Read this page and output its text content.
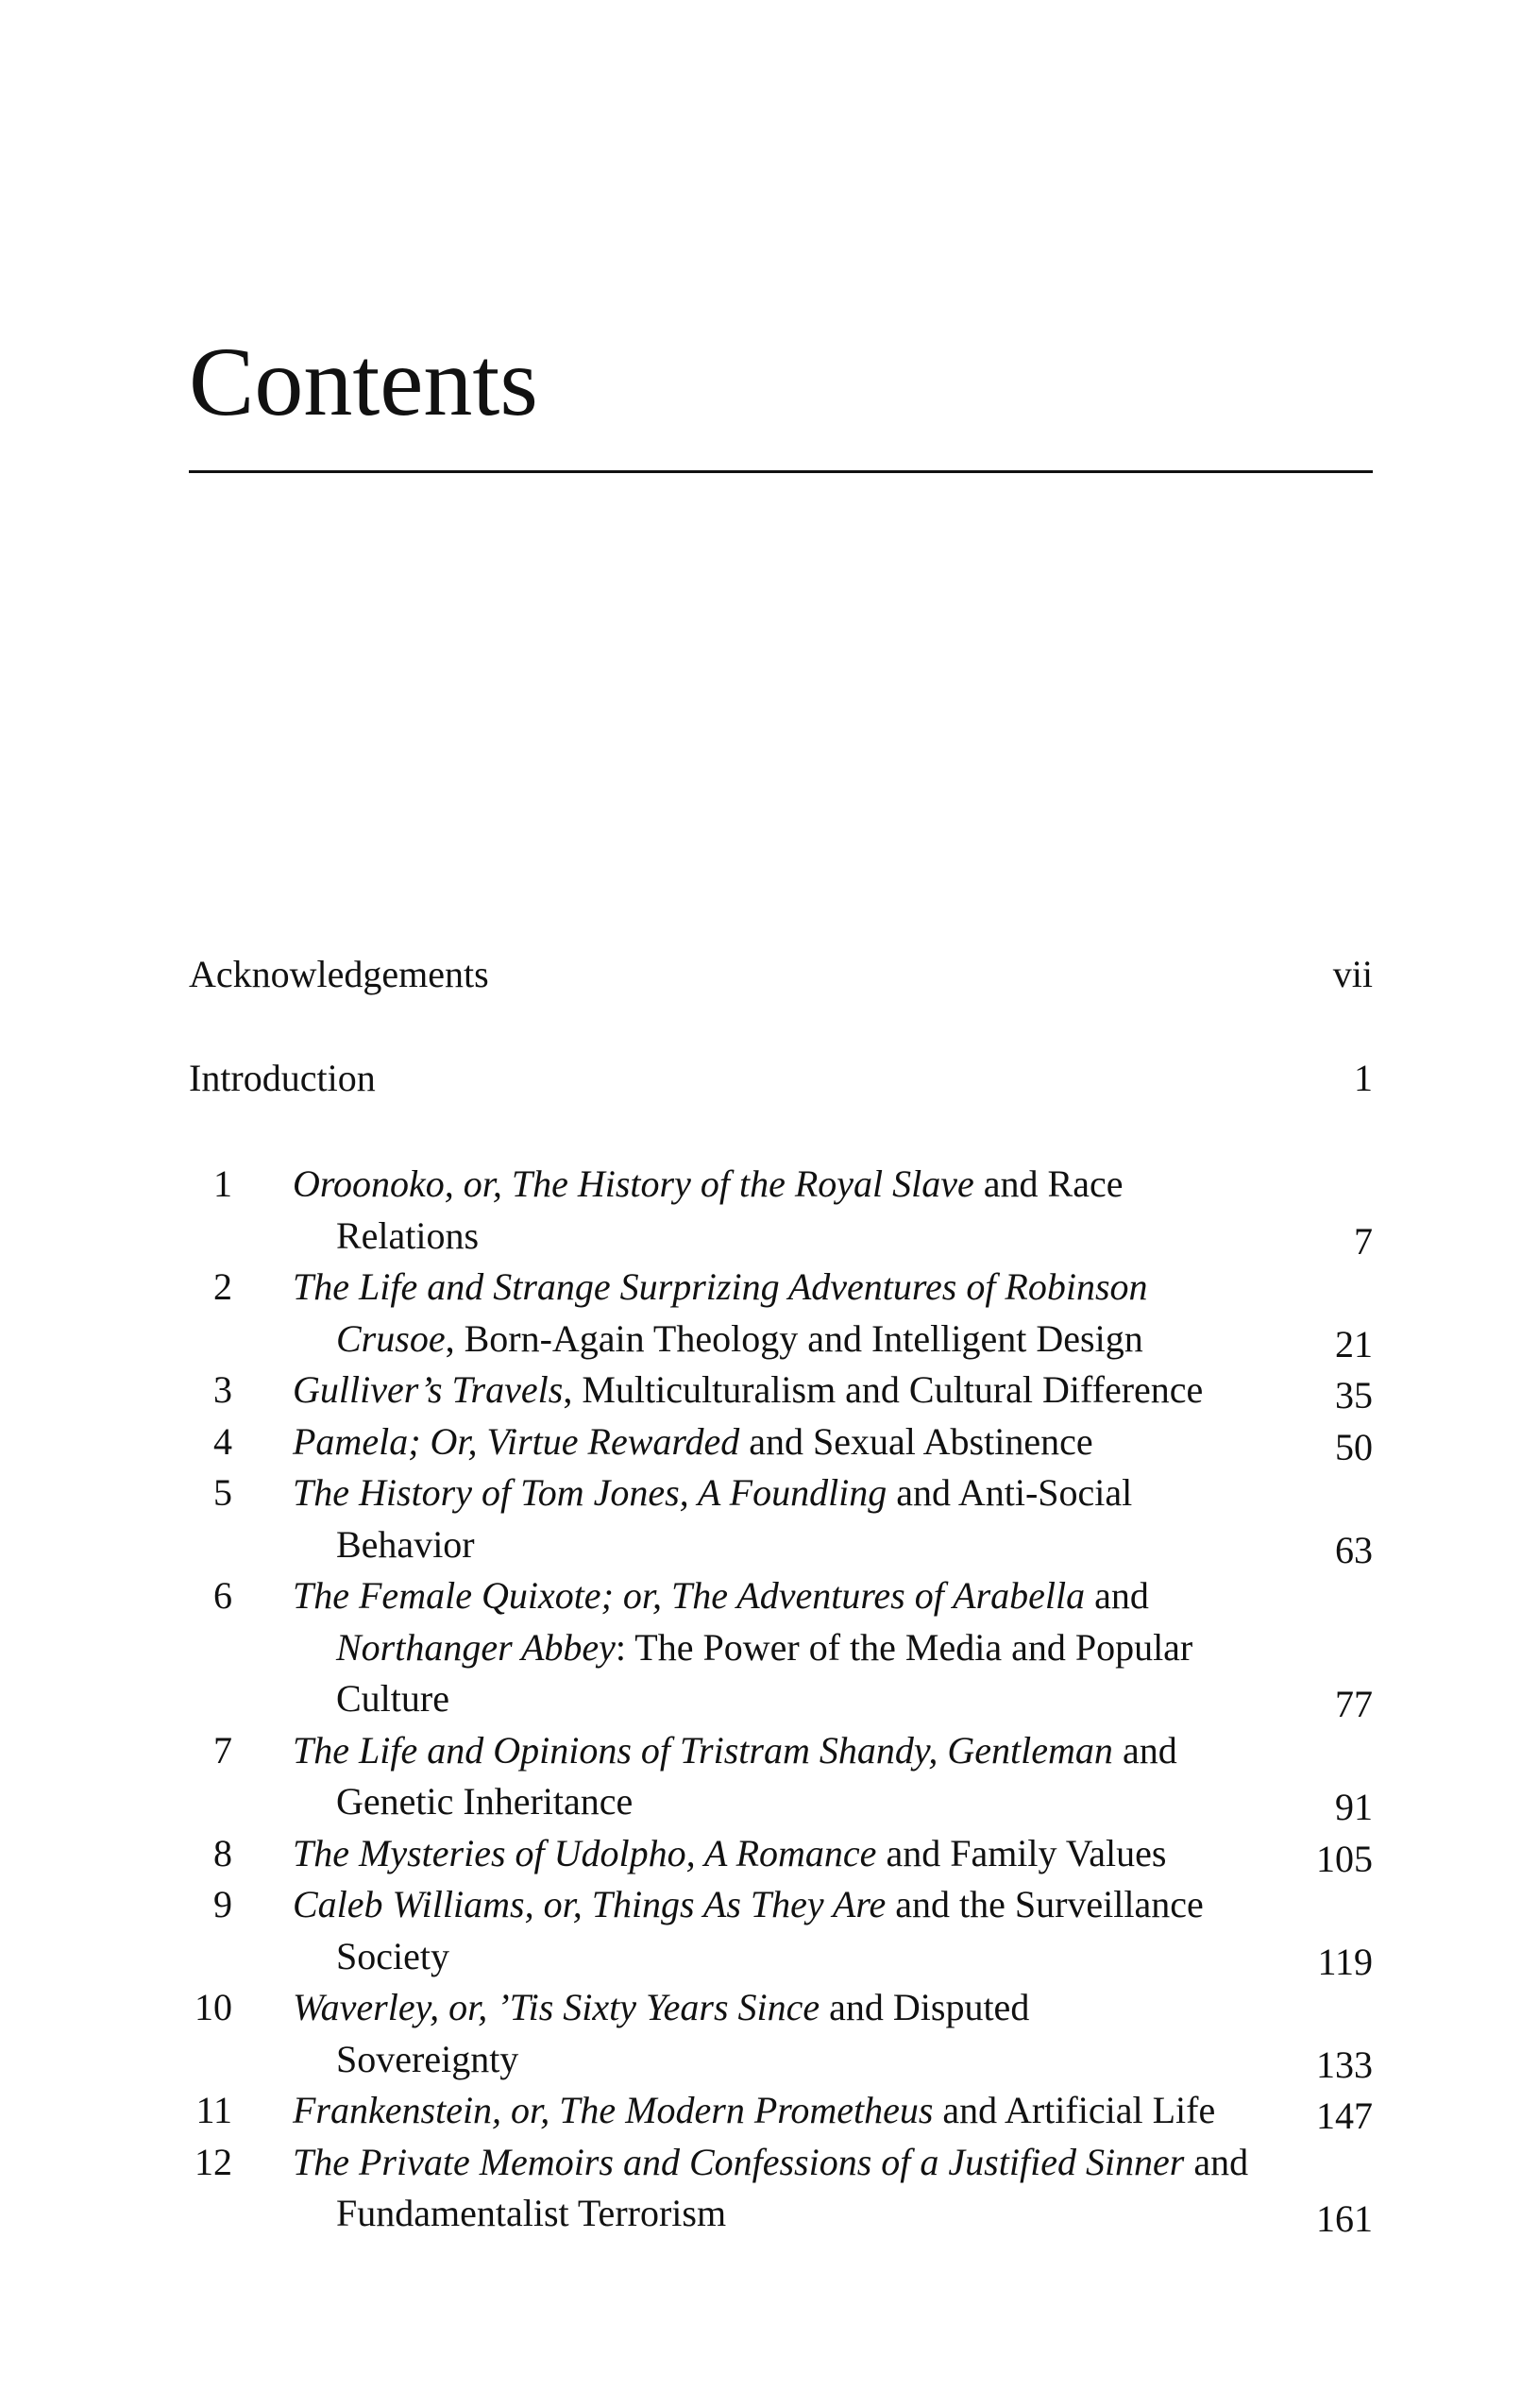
Contents
Acknowledgements	vii
Introduction	1
1 Oroonoko, or, The History of the Royal Slave and Race
Relations	7
2 The Life and Strange Surprizing Adventures of Robinson
Crusoe, Born-Again Theology and Intelligent Design	21
3 Gulliver’s Travels, Multiculturalism and Cultural Difference	35
4 Pamela; Or, Virtue Rewarded and Sexual Abstinence	50
5 The History of Tom Jones, A Foundling and Anti-Social
Behavior	63
6 The Female Quixote; or, The Adventures of Arabella and
Northanger Abbey: The Power of the Media and Popular
Culture	77
7 The Life and Opinions of Tristram Shandy, Gentleman and
Genetic Inheritance	91
8 The Mysteries of Udolpho, A Romance and Family Values	105
9 Caleb Williams, or, Things As They Are and the Surveillance
Society	119
10 Waverley, or, ’Tis Sixty Years Since and Disputed
Sovereignty	133
11 Frankenstein, or, The Modern Prometheus and Artificial Life	147
12 The Private Memoirs and Confessions of a Justified Sinner and
Fundamentalist Terrorism	161
